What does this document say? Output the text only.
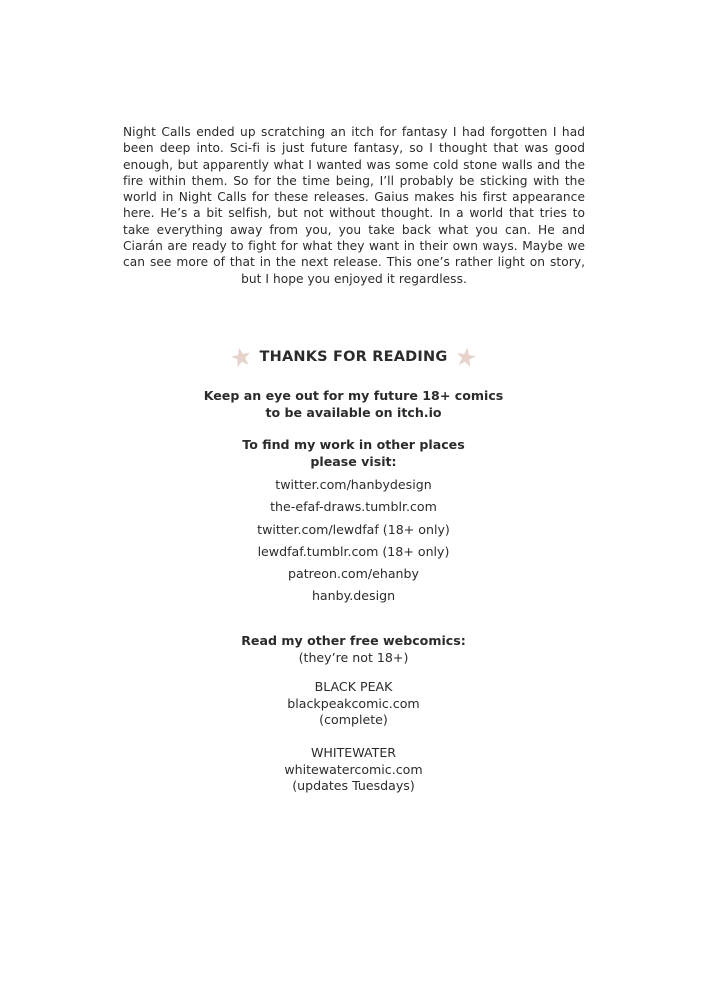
Night Calls ended up scratching an itch for fantasy I had forgotten I had been deep into. Sci-fi is just future fantasy, so I thought that was good enough, but apparently what I wanted was some cold stone walls and the fire within them. So for the time being, I’ll probably be sticking with the world in Night Calls for these releases. Gaius makes his first appearance here. He’s a bit selfish, but not without thought. In a world that tries to take everything away from you, you take back what you can. He and Ciarán are ready to fight for what they want in their own ways. Maybe we can see more of that in the next release. This one’s rather light on story, but I hope you enjoyed it regardless.

THANKS FOR READING
Keep an eye out for my future 18+ comics
to be available on itch.io
To find my work in other places
please visit:
twitter.com/hanbydesign
the-efaf-draws.tumblr.com
twitter.com/lewdfaf (18+ only)
lewdfaf.tumblr.com (18+ only)
patreon.com/ehanby
hanby.design
Read my other free webcomics:
(they’re not 18+)
BLACK PEAK
blackpeakcomic.com
(complete)
WHITEWATER
whitewatercomic.com
(updates Tuesdays)
